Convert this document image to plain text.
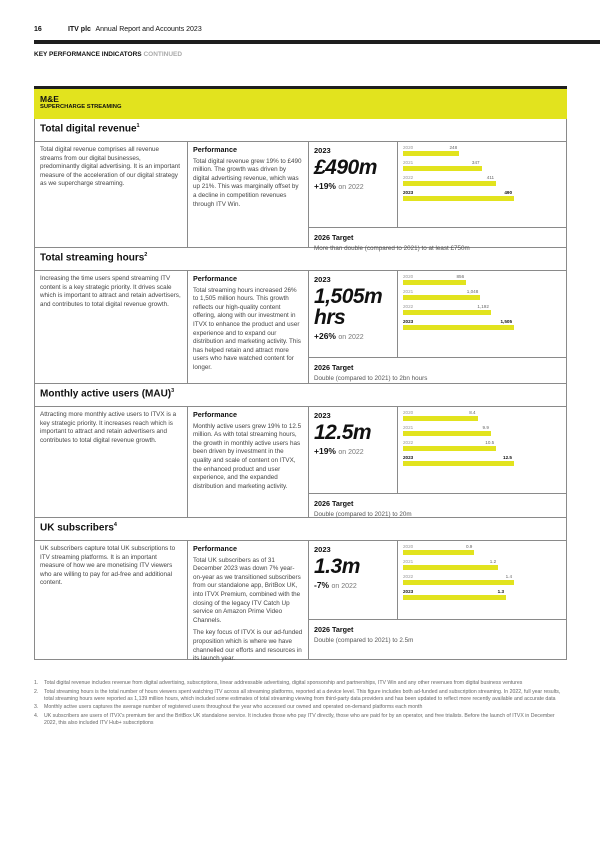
16	ITV plc Annual Report and Accounts 2023
KEY PERFORMANCE INDICATORS CONTINUED
M&E
SUPERCHARGE STREAMING
Total digital revenue$^1$
Total digital revenue comprises all revenue streams from our digital businesses, predominantly digital advertising. It is an important measure of the acceleration of our digital strategy as we supercharge streaming.
Performance

Total digital revenue grew 19% to £490 million. The growth was driven by digital advertising revenue, which was up 21%. This was marginally offset by a decline in competition revenues through ITV Win.

2023
£490m
+19% on 2022
2020	248
2021	347
2022	411
2023	490
2026 Target
More than double (compared to 2021) to at least £750m
Total streaming hours$^2$
Increasing the time users spend streaming ITV content is a key strategic priority. It drives scale which is important to attract and retain advertisers, and contributes to total digital revenue growth.
Performance

Total streaming hours increased 26% to 1,505 million hours. This growth reflects our high-quality content offering, along with our investment in ITVX to enhance the product and user experience and to expand our distribution and marketing activity. This has helped retain and attract more users who have watched content for longer.

2023
1,505m hrs
+26% on 2022
2020	856
2021	1,048
2022	1,192
2023	1,505
2026 Target
Double (compared to 2021) to 2bn hours
Monthly active users (MAU)$^3$
Attracting more monthly active users to ITVX is a key strategic priority. It increases reach which is important to attract and retain advertisers and contributes to total digital revenue growth.
Performance

Monthly active users grew 19% to 12.5 million. As with total streaming hours, the growth in monthly active users has been driven by investment in the quality and scale of content on ITVX, the enhanced product and user experience, and the expanded distribution and marketing activity.

2023
12.5m
+19% on 2022
2020	8.4
2021	9.9
2022	10.5
2023	12.5
2026 Target
Double (compared to 2021) to 20m
UK subscribers$^4$
UK subscribers capture total UK subscriptions to ITV streaming platforms. It is an important measure of how we are monetising ITV viewers who are willing to pay for ad-free and additional content.
Performance

Total UK subscribers as of 31 December 2023 was down 7% year-on-year as we transitioned subscribers from our standalone app, BritBox UK, into ITVX Premium, combined with the closing of the legacy ITV Catch Up service on Amazon Prime Video Channels.

The key focus of ITVX is our ad-funded proposition which is where we have channelled our efforts and resources in its launch year.

2023
1.3m
-7% on 2022
2020	0.9
2021	1.2
2022	1.4
2023	1.3
2026 Target
Double (compared to 2021) to 2.5m
1.	Total digital revenue includes revenue from digital advertising, subscriptions, linear addressable advertising, digital sponsorship and partnerships, ITV Win and any other revenues from digital business ventures
2.	Total streaming hours is the total number of hours viewers spent watching ITV across all streaming platforms, reported at a device level. This figure includes both ad-funded and subscription streaming. In 2022, full year results, total streaming hours were reported as 1,139 million hours, which included some estimates of total streaming viewing from third-party data providers and has been updated to reflect more recently available and accurate data
3.	Monthly active users captures the average number of registered users throughout the year who accessed our owned and operated on-demand platforms each month
4.	UK subscribers are users of ITVX's premium tier and the BritBox UK standalone service. It includes those who pay ITV directly, those who are paid for by an operator, and free trialists. Before the launch of ITVX in December 2022, this also included ITV Hub+ subscriptions
